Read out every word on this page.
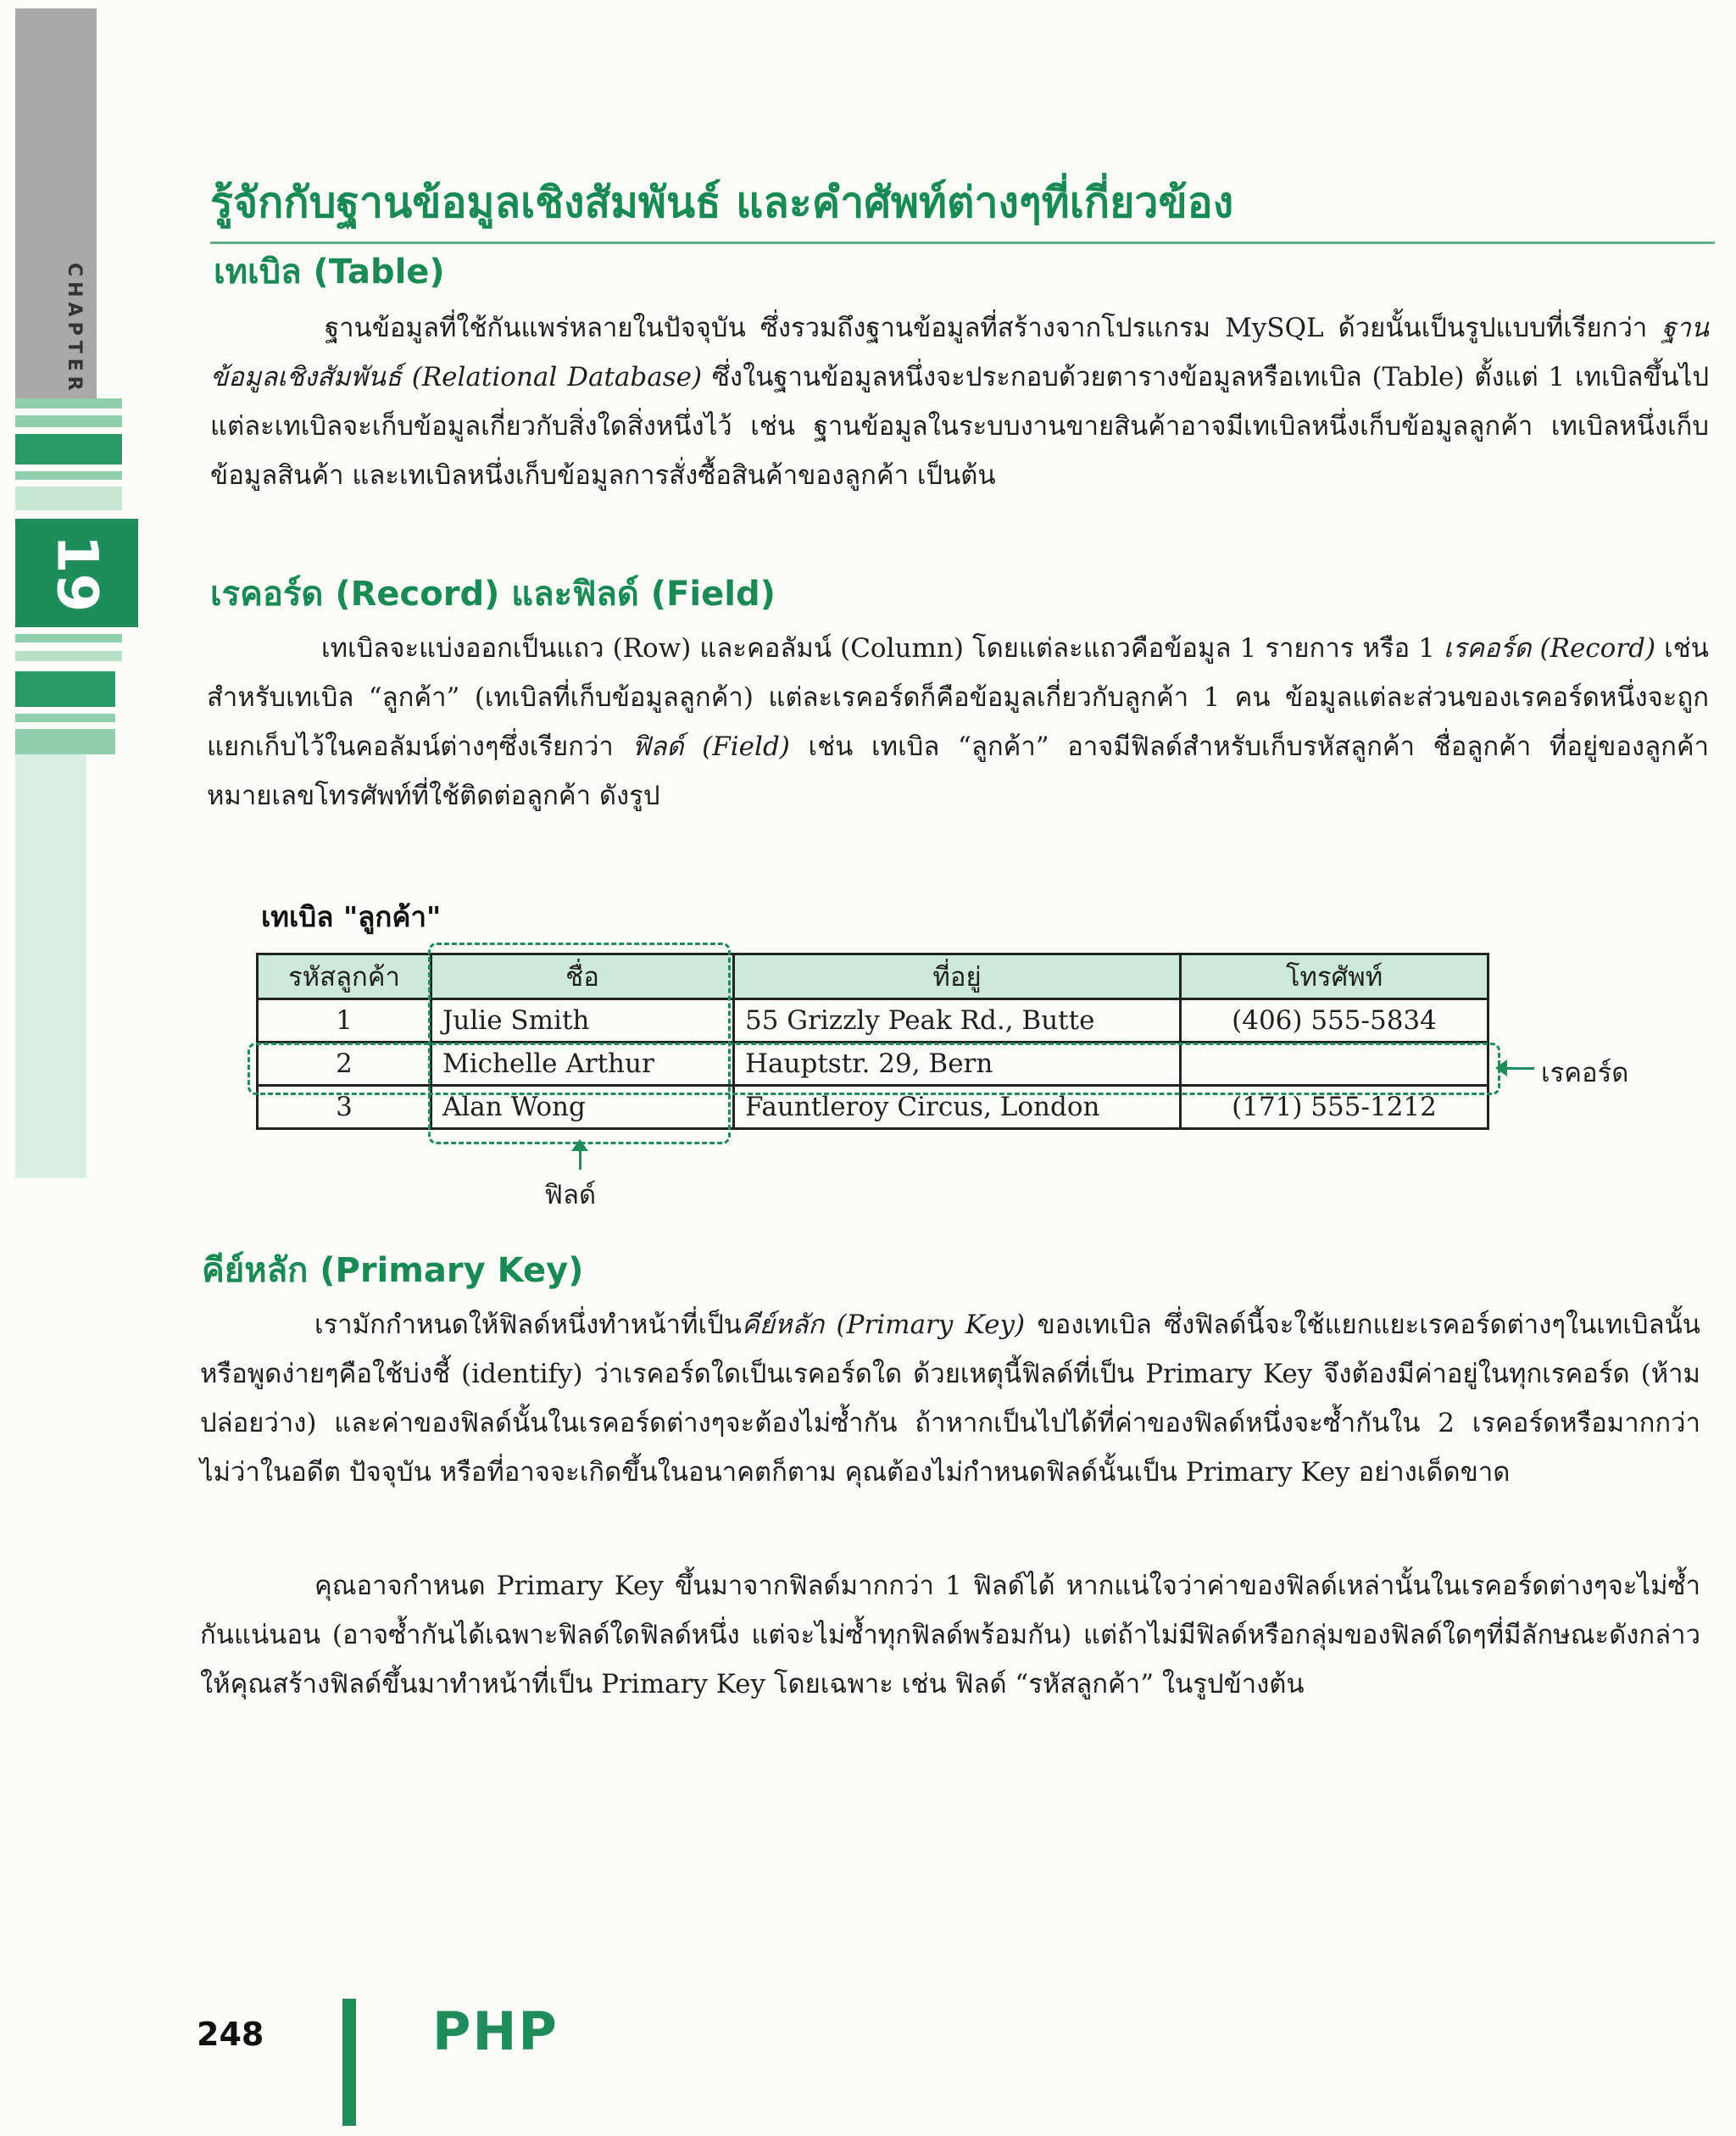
CHAPTER
19
รู้จักกับฐานข้อมูลเชิงสัมพันธ์ และคำศัพท์ต่างๆที่เกี่ยวข้อง
เทเบิล (Table)

ฐานข้อมูลที่ใช้กันแพร่หลายในปัจจุบัน ซึ่งรวมถึงฐานข้อมูลที่สร้างจากโปรแกรม MySQL ด้วยนั้นเป็นรูปแบบที่เรียกว่า ฐานข้อมูลเชิงสัมพันธ์ (Relational Database) ซึ่งในฐานข้อมูลหนึ่งจะประกอบด้วยตารางข้อมูลหรือเทเบิล (Table) ตั้งแต่ 1 เทเบิลขึ้นไป แต่ละเทเบิลจะเก็บข้อมูลเกี่ยวกับสิ่งใดสิ่งหนึ่งไว้ เช่น ฐานข้อมูลในระบบงานขายสินค้าอาจมีเทเบิลหนึ่งเก็บข้อมูลลูกค้า เทเบิลหนึ่งเก็บข้อมูลสินค้า และเทเบิลหนึ่งเก็บข้อมูลการสั่งซื้อสินค้าของลูกค้า เป็นต้น

เรคอร์ด (Record) และฟิลด์ (Field)

เทเบิลจะแบ่งออกเป็นแถว (Row) และคอลัมน์ (Column) โดยแต่ละแถวคือข้อมูล 1 รายการ หรือ 1 เรคอร์ด (Record) เช่นสำหรับเทเบิล “ลูกค้า” (เทเบิลที่เก็บข้อมูลลูกค้า) แต่ละเรคอร์ดก็คือข้อมูลเกี่ยวกับลูกค้า 1 คน ข้อมูลแต่ละส่วนของเรคอร์ดหนึ่งจะถูกแยกเก็บไว้ในคอลัมน์ต่างๆซึ่งเรียกว่า ฟิลด์ (Field) เช่น เทเบิล “ลูกค้า” อาจมีฟิลด์สำหรับเก็บรหัสลูกค้า ชื่อลูกค้า ที่อยู่ของลูกค้า หมายเลขโทรศัพท์ที่ใช้ติดต่อลูกค้า ดังรูป

เทเบิล "ลูกค้า"
รหัสลูกค้า	ชื่อ	ที่อยู่	โทรศัพท์
1	Julie Smith	55 Grizzly Peak Rd., Butte	(406) 555-5834
2	Michelle Arthur	Hauptstr. 29, Bern	
3	Alan Wong	Fauntleroy Circus, London	(171) 555-1212
เรคอร์ด
ฟิลด์
คีย์หลัก (Primary Key)

เรามักกำหนดให้ฟิลด์หนึ่งทำหน้าที่เป็นคีย์หลัก (Primary Key) ของเทเบิล ซึ่งฟิลด์นี้จะใช้แยกแยะเรคอร์ดต่างๆในเทเบิลนั้น หรือพูดง่ายๆคือใช้บ่งชี้ (identify) ว่าเรคอร์ดใดเป็นเรคอร์ดใด ด้วยเหตุนี้ฟิลด์ที่เป็น Primary Key จึงต้องมีค่าอยู่ในทุกเรคอร์ด (ห้ามปล่อยว่าง) และค่าของฟิลด์นั้นในเรคอร์ดต่างๆจะต้องไม่ซ้ำกัน ถ้าหากเป็นไปได้ที่ค่าของฟิลด์หนึ่งจะซ้ำกันใน 2 เรคอร์ดหรือมากกว่า ไม่ว่าในอดีต ปัจจุบัน หรือที่อาจจะเกิดขึ้นในอนาคตก็ตาม คุณต้องไม่กำหนดฟิลด์นั้นเป็น Primary Key อย่างเด็ดขาด

คุณอาจกำหนด Primary Key ขึ้นมาจากฟิลด์มากกว่า 1 ฟิลด์ได้ หากแน่ใจว่าค่าของฟิลด์เหล่านั้นในเรคอร์ดต่างๆจะไม่ซ้ำกันแน่นอน (อาจซ้ำกันได้เฉพาะฟิลด์ใดฟิลด์หนึ่ง แต่จะไม่ซ้ำทุกฟิลด์พร้อมกัน) แต่ถ้าไม่มีฟิลด์หรือกลุ่มของฟิลด์ใดๆที่มีลักษณะดังกล่าว ให้คุณสร้างฟิลด์ขึ้นมาทำหน้าที่เป็น Primary Key โดยเฉพาะ เช่น ฟิลด์ “รหัสลูกค้า” ในรูปข้างต้น

248	PHP
